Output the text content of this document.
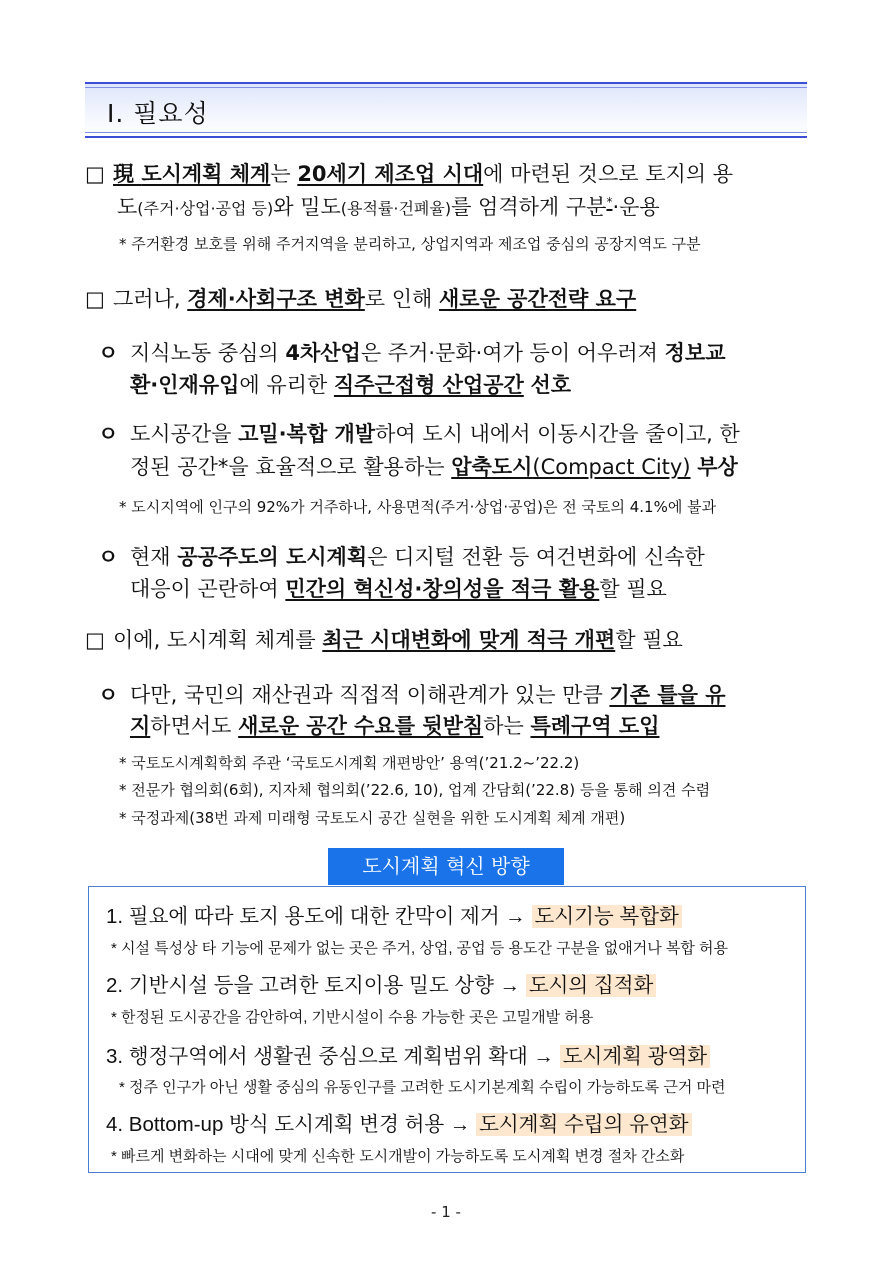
Ⅰ. 필요성
□ 現 도시계획 체계는 20세기 제조업 시대에 마련된 것으로 토지의 용
도(주거·상업·공업 등)와 밀도(용적률·건폐율)를 엄격하게 구분*·운용
* 주거환경 보호를 위해 주거지역을 분리하고, 상업지역과 제조업 중심의 공장지역도 구분
□ 그러나, 경제·사회구조 변화로 인해 새로운 공간전략 요구
ㅇ 지식노동 중심의 4차산업은 주거·문화·여가 등이 어우러져 정보교
환·인재유입에 유리한 직주근접형 산업공간 선호
ㅇ 도시공간을 고밀·복합 개발하여 도시 내에서 이동시간을 줄이고, 한
정된 공간*을 효율적으로 활용하는 압축도시(Compact City) 부상
* 도시지역에 인구의 92%가 거주하나, 사용면적(주거·상업·공업)은 전 국토의 4.1%에 불과
ㅇ 현재 공공주도의 도시계획은 디지털 전환 등 여건변화에 신속한
대응이 곤란하여 민간의 혁신성·창의성을 적극 활용할 필요
□ 이에, 도시계획 체계를 최근 시대변화에 맞게 적극 개편할 필요
ㅇ 다만, 국민의 재산권과 직접적 이해관계가 있는 만큼 기존 틀을 유
지하면서도 새로운 공간 수요를 뒷받침하는 특례구역 도입
* 국토도시계획학회 주관 ‘국토도시계획 개편방안’ 용역(’21.2~’22.2)
* 전문가 협의회(6회), 지자체 협의회(’22.6, 10), 업계 간담회(’22.8) 등을 통해 의견 수렴
* 국정과제(38번 과제 미래형 국토도시 공간 실현을 위한 도시계획 체계 개편)
도시계획 혁신 방향
1. 필요에 따라 토지 용도에 대한 칸막이 제거 → 도시기능 복합화
* 시설 특성상 타 기능에 문제가 없는 곳은 주거, 상업, 공업 등 용도간 구분을 없애거나 복합 허용
2. 기반시설 등을 고려한 토지이용 밀도 상향 → 도시의 집적화
* 한정된 도시공간을 감안하여, 기반시설이 수용 가능한 곳은 고밀개발 허용
3. 행정구역에서 생활권 중심으로 계획범위 확대 → 도시계획 광역화
* 정주 인구가 아닌 생활 중심의 유동인구를 고려한 도시기본계획 수립이 가능하도록 근거 마련
4. Bottom-up 방식 도시계획 변경 허용 → 도시계획 수립의 유연화
* 빠르게 변화하는 시대에 맞게 신속한 도시개발이 가능하도록 도시계획 변경 절차 간소화
- 1 -
